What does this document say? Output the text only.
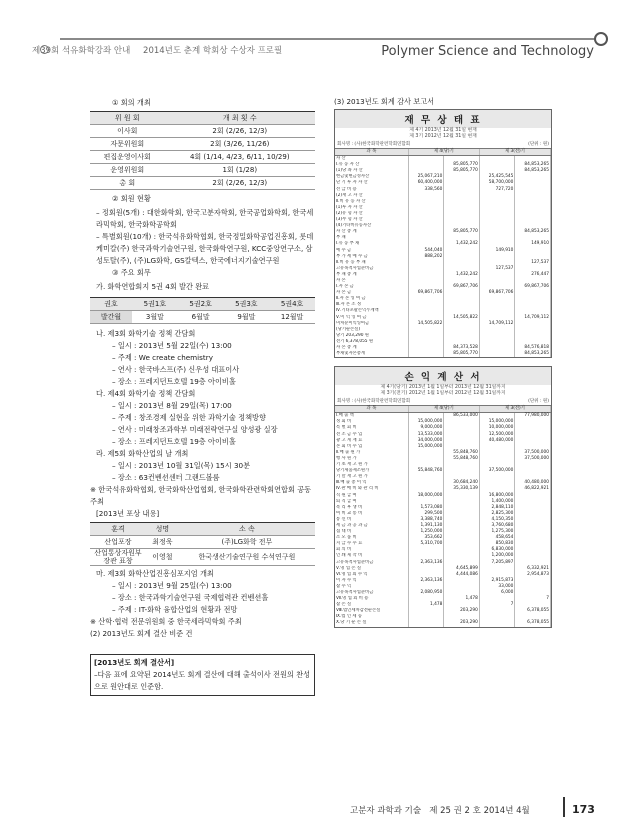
제39회 석유화학강좌 안내 2014년도 춘계 학회상 수상자 프로필	Polymer Science and Technology
① 회의 개최
위 원 회	개 최 횟 수
이사회	2회 (2/26, 12/3)
자문위원회	2회 (3/26, 11/26)
편집운영이사회	4회 (1/14, 4/23, 6/11, 10/29)
운영위원회	1회 (1/28)
총 회	2회 (2/26, 12/3)
② 회원 현황

– 정회원(5개) : 대한화학회, 한국고분자학회, 한국공업화학회, 한국세라믹학회, 한국화학공학회

– 특별회원(10개) : 한국석유화학협회, 한국정밀화학공업진흥회, 롯데케미칼(주) 한국과학기술연구원, 한국화학연구원, KCC중앙연구소, 삼성토탈(주), (주)LG화학, GS칼텍스, 한국에너지기술연구원

③ 주요 회무

가. 화학연합회지 5권 4회 발간 완료

권호	5권1호	5권2호	5권3호	5권4호
발간월	3월말	6월말	9월말	12월말

나. 제3회 화학기술 정책 간담회

– 일시 : 2013년 5월 22일(수) 13:00

– 주제 : We create chemistry

– 연사 : 한국바스프(주) 신우성 대표이사

– 장소 : 프레지던트호텔 19층 아이비홀

다. 제4회 화학기술 정책 간담회

– 일시 : 2013년 8월 29일(목) 17:00

– 주제 : 창조경제 실현을 위한 과학기술 정책방향

– 연사 : 미래창조과학부 미래전략연구실 양성광 실장

– 장소 : 프레지던트호텔 19층 아이비홀

라. 제5회 화학산업의 날 개최

– 일시 : 2013년 10월 31일(목) 15시 30분

– 장소 : 63컨벤션센터 그랜드볼룸

※ 한국석유화학협회, 한국화학산업협회, 한국화학관련학회연합회 공동 주최

[2013년 포상 내용]

훈격	성명	소 속
산업포장	최정욱	(주)LG화학 전무
산업통상자원부 장관 표창	이영철	한국생산기술연구원 수석연구원

마. 제3회 화학산업진흥심포지엄 개최

– 일시 : 2013년 9월 25일(수) 13:00

– 장소 : 한국과학기술연구원 국제협력관 컨벤션홀

– 주제 : IT-화학 융합산업의 현황과 전망

※ 산학·협력 전문위원회 중 한국세라믹학회 주최

(2) 2013년도 회계 결산 비준 건

[2013년도 회계 결산서]
–다음 표에 요약된 2014년도 회계 결산에 대해 출석이사 전원의 찬성으로 원안대로 인준함.
(3) 2013년도 회계 감사 보고서
재 무 상 태 표
제 4기 2013년 12월 31일 현재
제 3기 2012년 12월 31일 현재
회사명 : (사)한국화학관련학회연합회	(단위 : 원)
과 목	제 4(당)기		제 3(전)기	
자 산				
Ⅰ.유 동 자 산		85,805,770		84,853,265
(1)당 좌 자 산		85,805,770		84,853,265
현금및현금성자산	25,067,210		25,425,545	
단 기 투 자 자 산	60,400,000		58,700,000	
선 급 비 용	338,560		727,720	
(2)재 고 자 산				
Ⅱ.비 유 동 자 산				
(1)투 자 자 산				
(2)유 형 자 산				
(3)무 형 자 산				
(4)기타비유동자산				
자 산 총 계		85,805,770		84,853,265
부 채				
Ⅰ.유 동 부 채		1,432,242		149,910
예 수 금	544,040		149,910	
부 가 세 예 수 금	888,202			
Ⅱ.비 유 동 부 채				127,537
고유목적사업준비금			127,537	
부 채 총 계		1,432,242		276,447
자 본				
Ⅰ.자 본 금		69,867,706		69,867,706
자 본 금	69,867,706		69,867,706	
Ⅱ.자 본 잉 여 금				
Ⅲ.자 본 조 정				
Ⅳ.기타포괄손익누계액				
Ⅴ.이 익 잉 여 금		14,505,822		14,709,112
미처분이익잉여금	14,505,822		14,709,112	
(당기순손실)				
당기 203,290 원				
전기 6,378,055 원				
자 본 총 계		84,373,528		84,576,818
부채및자본총계		85,805,770		84,853,265
손 익 계 산 서
제 4기(당기) 2013년 1월 1일부터 2013년 12월 31일까지
제 3기(전기) 2012년 1월 1일부터 2012년 12월 31일까지
회사명 : (사)한국화학관련학회연합회	(단위 : 원)
과 목	제 4(당)기		제 3(전)기	
Ⅰ.매 출 액		86,533,000		77,980,000
정 회 비	15,000,000		15,000,000	
특 별 회 비	9,000,000		10,000,000	
전 조 금 수 입	13,533,000		12,500,000	
광 고 게 재 료	34,000,000		40,480,000	
본 회 비 수 입	15,000,000			
Ⅱ.매 출 원 가		55,848,760		37,500,000
행 사 원 가		55,848,760		37,500,000
기 초 재 고 원 가				
당기제품제조원가	55,848,760		37,500,000	
기 말 재 고 원 가				
Ⅲ.매 출 총 이 익		30,684,240		40,480,000
Ⅳ.판 매 비 와 관 리 비		35,330,139		46,822,921
직 원 급 여	18,000,000		16,800,000	
퇴 직 급 여			1,400,000	
복 리 후 생 비	1,573,080		2,848,110	
여 비 교 통 비	299,500		2,825,300	
통 신 비	3,388,740		4,150,350	
세 금 과 공 과 금	1,391,130		3,760,680	
접 대 비	1,250,000		1,275,300	
소 모 품 비	353,662		458,654	
지 급 수 수 료	5,310,700		850,830	
회 의 비			6,830,000	
인 쇄 제 작 비			1,200,000	
고유목적사업준비금	2,363,136		7,205,897	
Ⅴ.영 업 손 실		4,645,899		6,332,921
Ⅵ.영 업 외 수 익		4,444,086		2,954,873
이 자 수 익	2,363,136		2,915,873	
잡 수 익			33,000	
고유목적사업준비금	2,080,950		6,000	
Ⅶ.영 업 외 비 용		1,478		7
잡 손 실	1,478		7	
Ⅷ.법인세차감전순손실		203,290		6,378,055
Ⅸ.법 인 세 등				
Ⅹ.당 기 순 손 실		203,290		6,378,055
고분자 과학과 기술 제 25 권 2 호 2014년 4월	173
